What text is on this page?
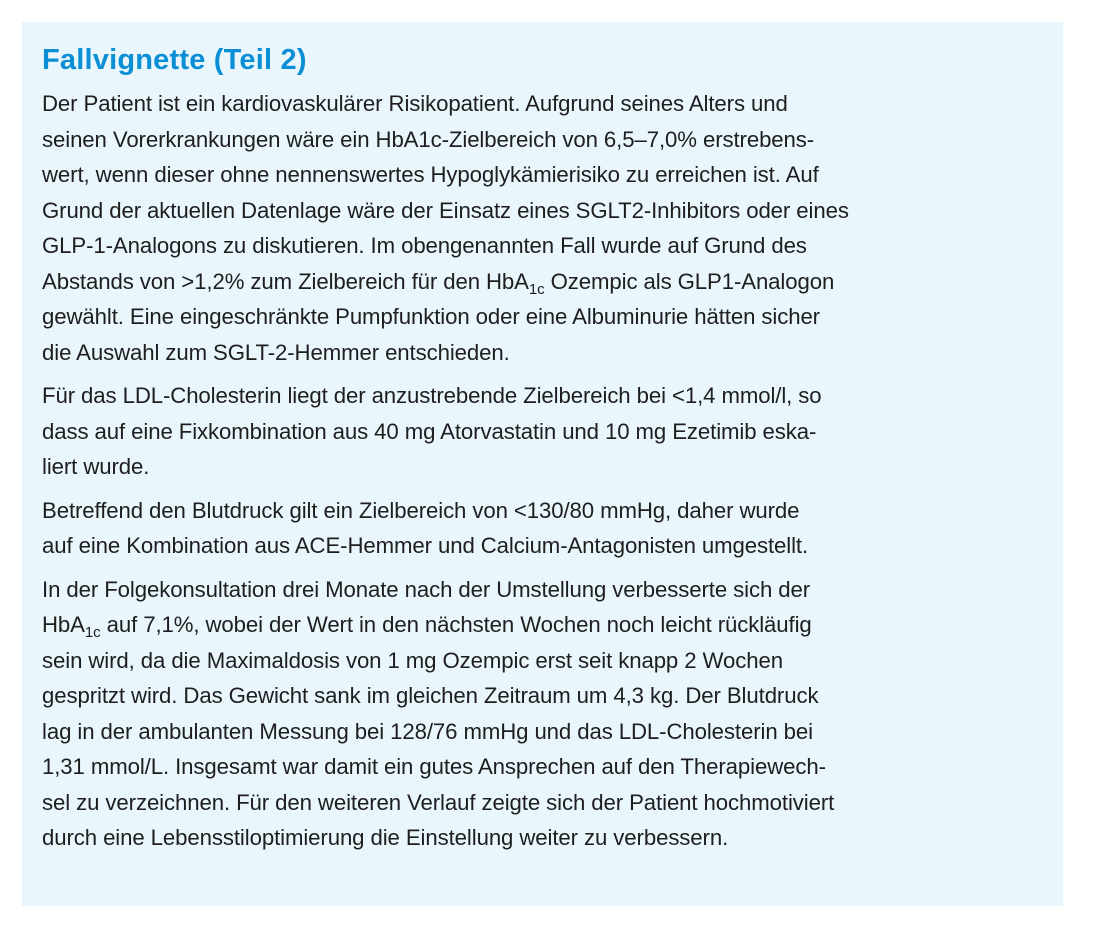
Fallvignette (Teil 2)

Der Patient ist ein kardiovaskulärer Risikopatient. Aufgrund seines Alters und
seinen Vorerkrankungen wäre ein HbA1c-Zielbereich von 6,5–7,0% erstrebens-
wert, wenn dieser ohne nennenswertes Hypoglykämierisiko zu erreichen ist. Auf
Grund der aktuellen Datenlage wäre der Einsatz eines SGLT2-Inhibitors oder eines
GLP-1-Analogons zu diskutieren. Im obengenannten Fall wurde auf Grund des
Abstands von >1,2% zum Zielbereich für den HbA$_{1c}$ Ozempic als GLP1-Analogon
gewählt. Eine eingeschränkte Pumpfunktion oder eine Albuminurie hätten sicher
die Auswahl zum SGLT-2-Hemmer entschieden.

Für das LDL-Cholesterin liegt der anzustrebende Zielbereich bei <1,4 mmol/l, so
dass auf eine Fixkombination aus 40 mg Atorvastatin und 10 mg Ezetimib eska-
liert wurde.

Betreffend den Blutdruck gilt ein Zielbereich von <130/80 mmHg, daher wurde
auf eine Kombination aus ACE-Hemmer und Calcium-Antagonisten umgestellt.

In der Folgekonsultation drei Monate nach der Umstellung verbesserte sich der
HbA$_{1c}$ auf 7,1%, wobei der Wert in den nächsten Wochen noch leicht rückläufig
sein wird, da die Maximaldosis von 1 mg Ozempic erst seit knapp 2 Wochen
gespritzt wird. Das Gewicht sank im gleichen Zeitraum um 4,3 kg. Der Blutdruck
lag in der ambulanten Messung bei 128/76 mmHg und das LDL-Cholesterin bei
1,31 mmol/L. Insgesamt war damit ein gutes Ansprechen auf den Therapiewech-
sel zu verzeichnen. Für den weiteren Verlauf zeigte sich der Patient hochmotiviert
durch eine Lebensstiloptimierung die Einstellung weiter zu verbessern.
